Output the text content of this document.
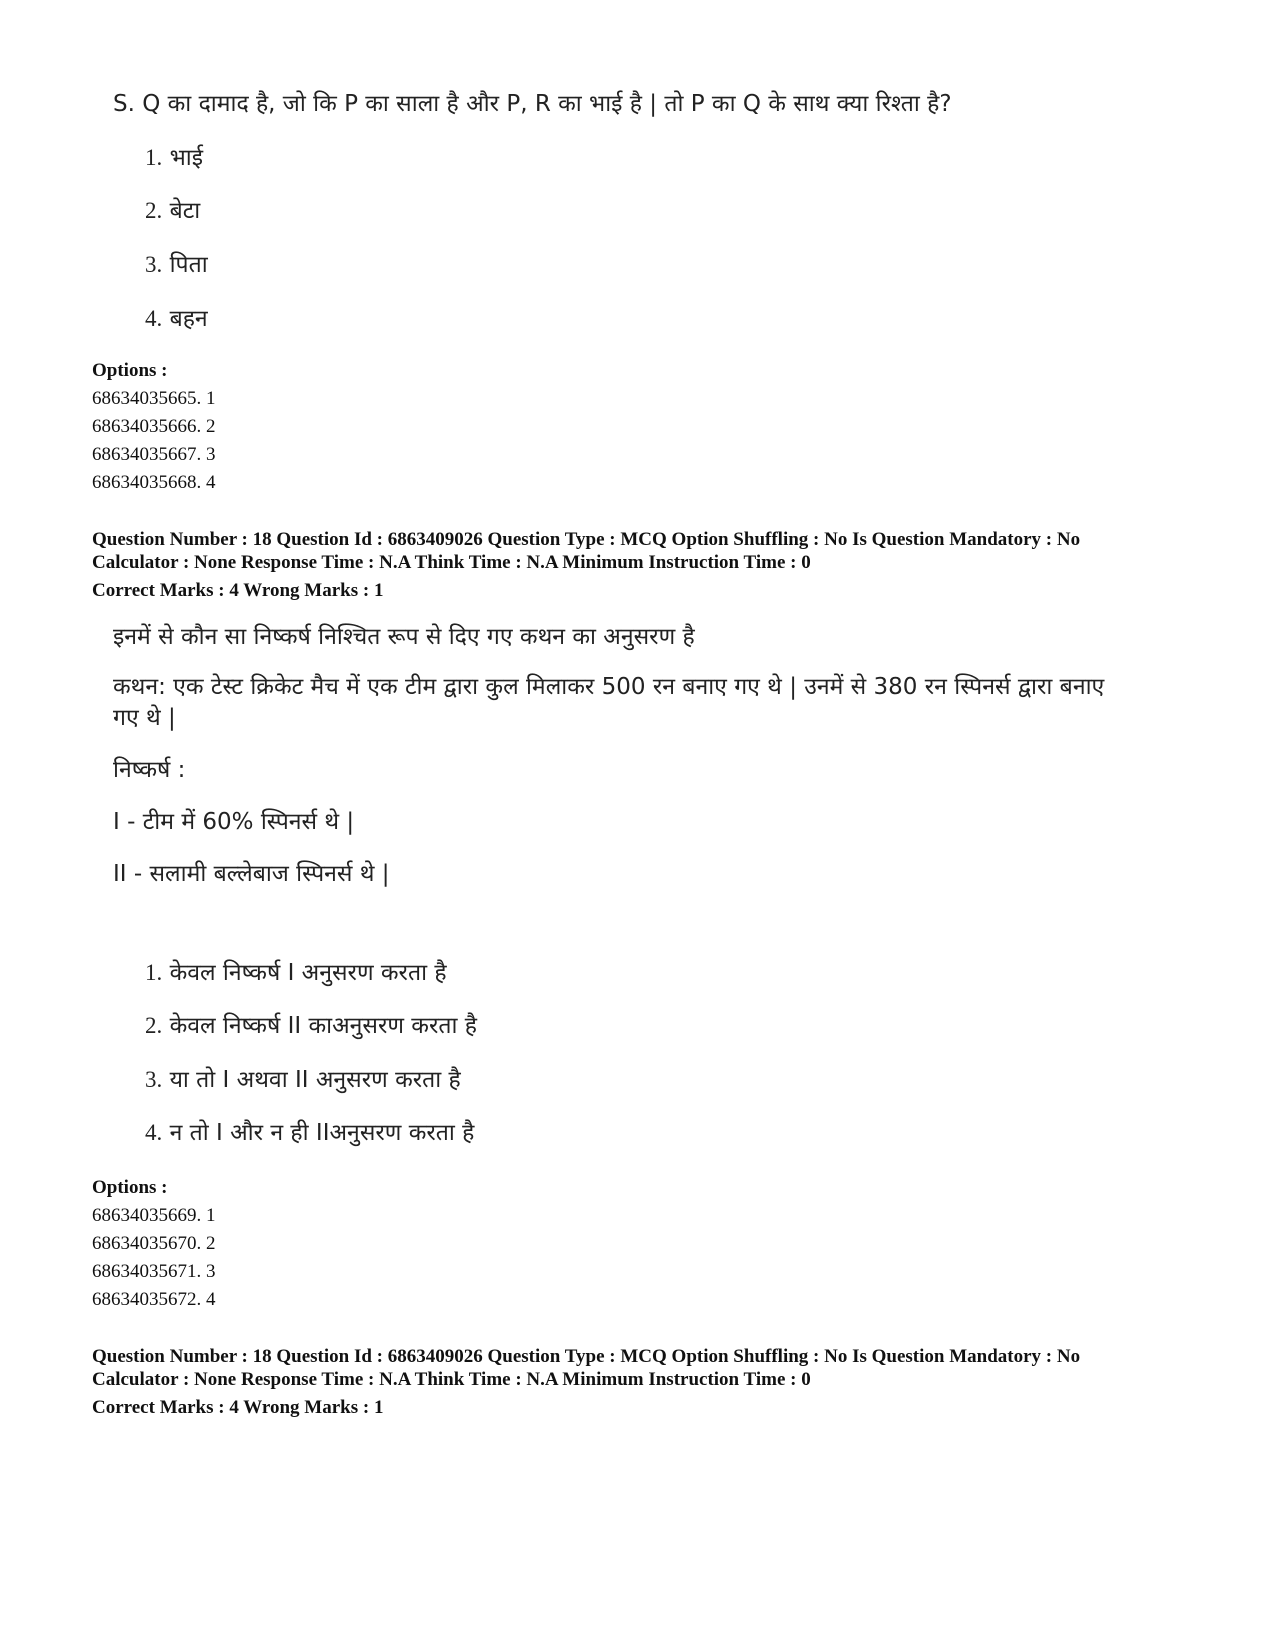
S. Q का दामाद है, जो कि P का साला है और P, R का भाई है | तो P का Q के साथ क्या रिश्ता है?
1. भाई
2. बेटा
3. पिता
4. बहन
Options :
68634035665. 1
68634035666. 2
68634035667. 3
68634035668. 4
Question Number : 18 Question Id : 6863409026 Question Type : MCQ Option Shuffling : No Is Question Mandatory : No
Calculator : None Response Time : N.A Think Time : N.A Minimum Instruction Time : 0
Correct Marks : 4 Wrong Marks : 1
इनमें से कौन सा निष्कर्ष निश्चित रूप से दिए गए कथन का अनुसरण है
कथन: एक टेस्ट क्रिकेट मैच में एक टीम द्वारा कुल मिलाकर 500 रन बनाए गए थे | उनमें से 380 रन स्पिनर्स द्वारा बनाए गए थे |
निष्कर्ष :
I - टीम में 60% स्पिनर्स थे |
II - सलामी बल्लेबाज स्पिनर्स थे |
1. केवल निष्कर्ष I अनुसरण करता है
2. केवल निष्कर्ष II काअनुसरण करता है
3. या तो I अथवा II अनुसरण करता है
4. न तो I और न ही IIअनुसरण करता है
Options :
68634035669. 1
68634035670. 2
68634035671. 3
68634035672. 4
Question Number : 18 Question Id : 6863409026 Question Type : MCQ Option Shuffling : No Is Question Mandatory : No
Calculator : None Response Time : N.A Think Time : N.A Minimum Instruction Time : 0
Correct Marks : 4 Wrong Marks : 1
